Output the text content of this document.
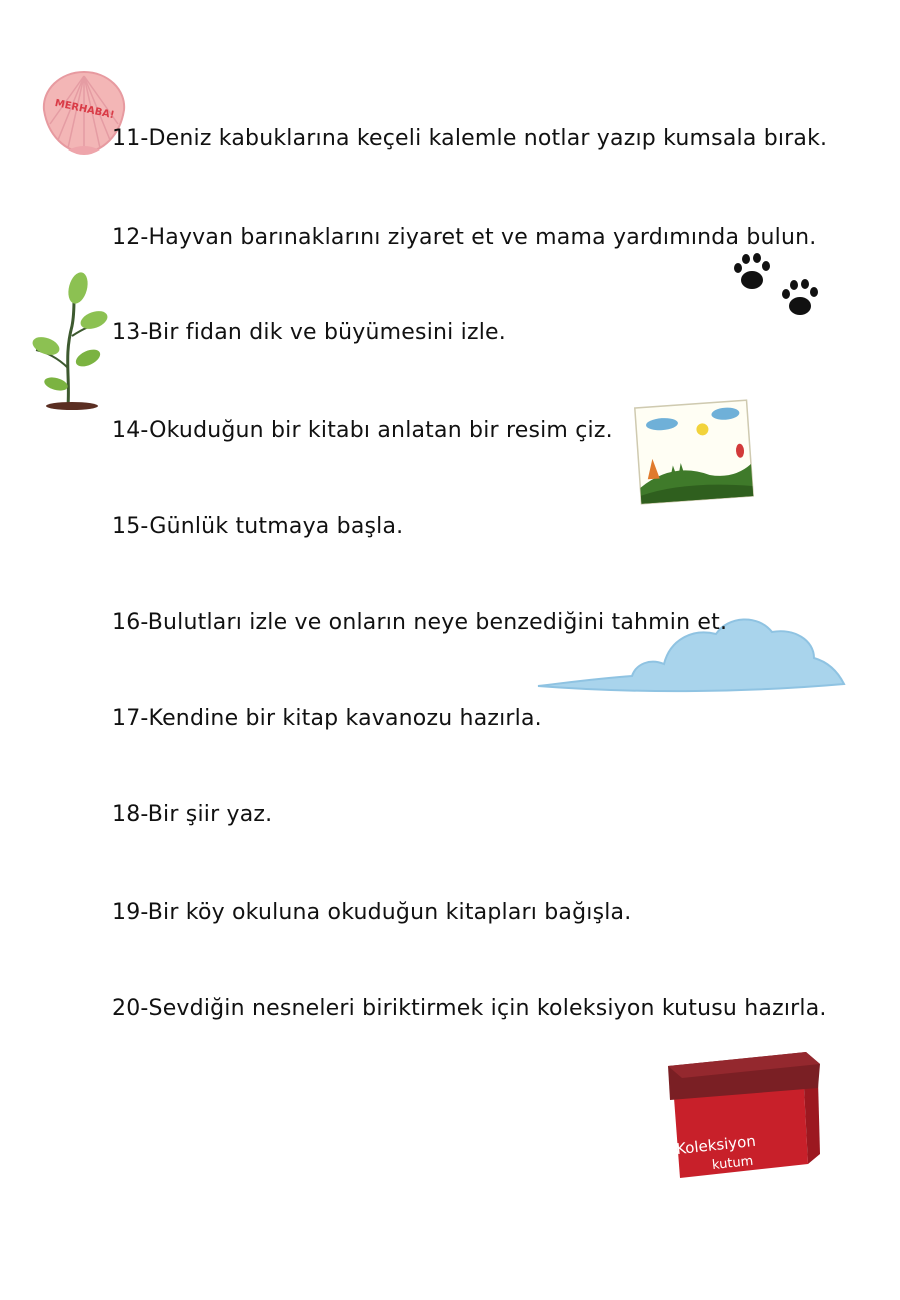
MERHABA!
Koleksiyon
kutum
11-Deniz kabuklarına keçeli kalemle notlar yazıp kumsala bırak.
12-Hayvan barınaklarını ziyaret et ve mama yardımında bulun.
13-Bir fidan dik ve büyümesini izle.
14-Okuduğun bir kitabı anlatan bir resim çiz.
15-Günlük tutmaya başla.
16-Bulutları izle ve onların neye benzediğini tahmin et.
17-Kendine bir kitap kavanozu hazırla.
18-Bir şiir yaz.
19-Bir köy okuluna okuduğun kitapları bağışla.
20-Sevdiğin nesneleri biriktirmek için koleksiyon kutusu hazırla.
